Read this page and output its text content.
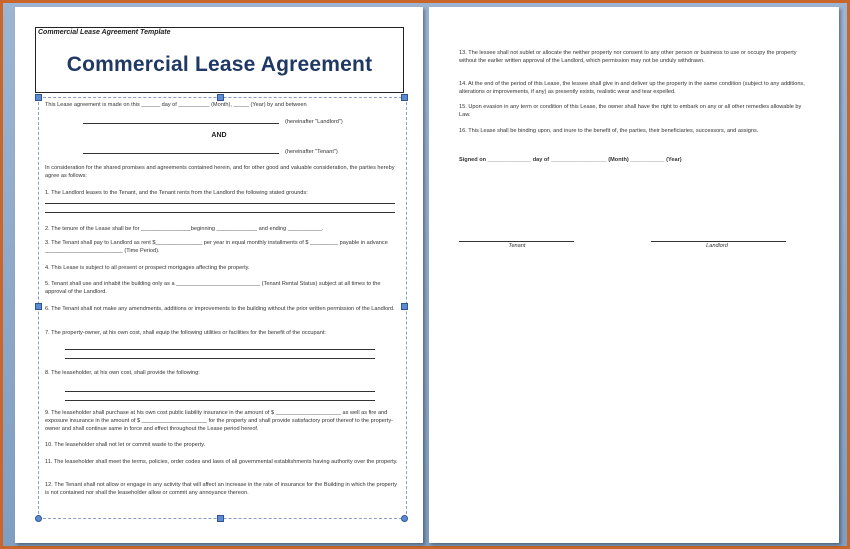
Commercial Lease Agreement Template
Commercial Lease Agreement
This Lease agreement is made on this ______ day of __________ (Month), _____ (Year) by and between
(hereinafter "Landlord")
AND
(hereinafter "Tenant")
In consideration for the shared promises and agreements contained herein, and for other good and valuable consideration, the parties hereby agree as follows:
1. The Landlord leases to the Tenant, and the Tenant rents from the Landlord the following stated grounds:
2. The tenure of the Lease shall be for ________________beginning _____________ and ending ___________.
3. The Tenant shall pay to Landlord as rent $_______________ per year in equal monthly installments of $ _________ payable in advance _________________________ (Time Period).
4. This Lease is subject to all present or prospect mortgages affecting the property.
5. Tenant shall use and inhabit the building only as a ___________________________ (Tenant Rental Status) subject at all times to the approval of the Landlord.
6. The Tenant shall not make any amendments, additions or improvements to the building without the prior written permission of the Landlord.
7. The property-owner, at his own cost, shall equip the following utilities or facilities for the benefit of the occupant:
8. The leaseholder, at his own cost, shall provide the following:
9. The leaseholder shall purchase at his own cost public liability insurance in the amount of $ _____________________ as well as fire and exposure insurance in the amount of $ _____________________ for the property and shall provide satisfactory proof thereof to the property-owner and shall continue same in force and effect throughout the Lease period hereof.
10. The leaseholder shall not let or commit waste to the property.
11. The leaseholder shall meet the terms, policies, order codes and laws of all governmental establishments having authority over the property.
12. The Tenant shall not allow or engage in any activity that will affect an increase in the rate of insurance for the Building in which the property is not contained nor shall the leaseholder allow or commit any annoyance thereon.
13. The lessee shall not sublet or allocate the neither property nor consent to any other person or business to use or occupy the property without the earlier written approval of the Landlord, which permission may not be unduly withdrawn.
14. At the end of the period of this Lease, the lessee shall give in and deliver up the property in the same condition (subject to any additions, alterations or improvements, if any) as presently exists, realistic wear and tear expelled.
15. Upon evasion in any term or condition of this Lease, the owner shall have the right to embark on any or all other remedies allowable by Law.
16. This Lease shall be binding upon, and inure to the benefit of, the parties, their beneficiaries, successors, and assigns.
Signed on ______________ day of __________________ (Month) ___________ (Year)
Tenant	Landlord
